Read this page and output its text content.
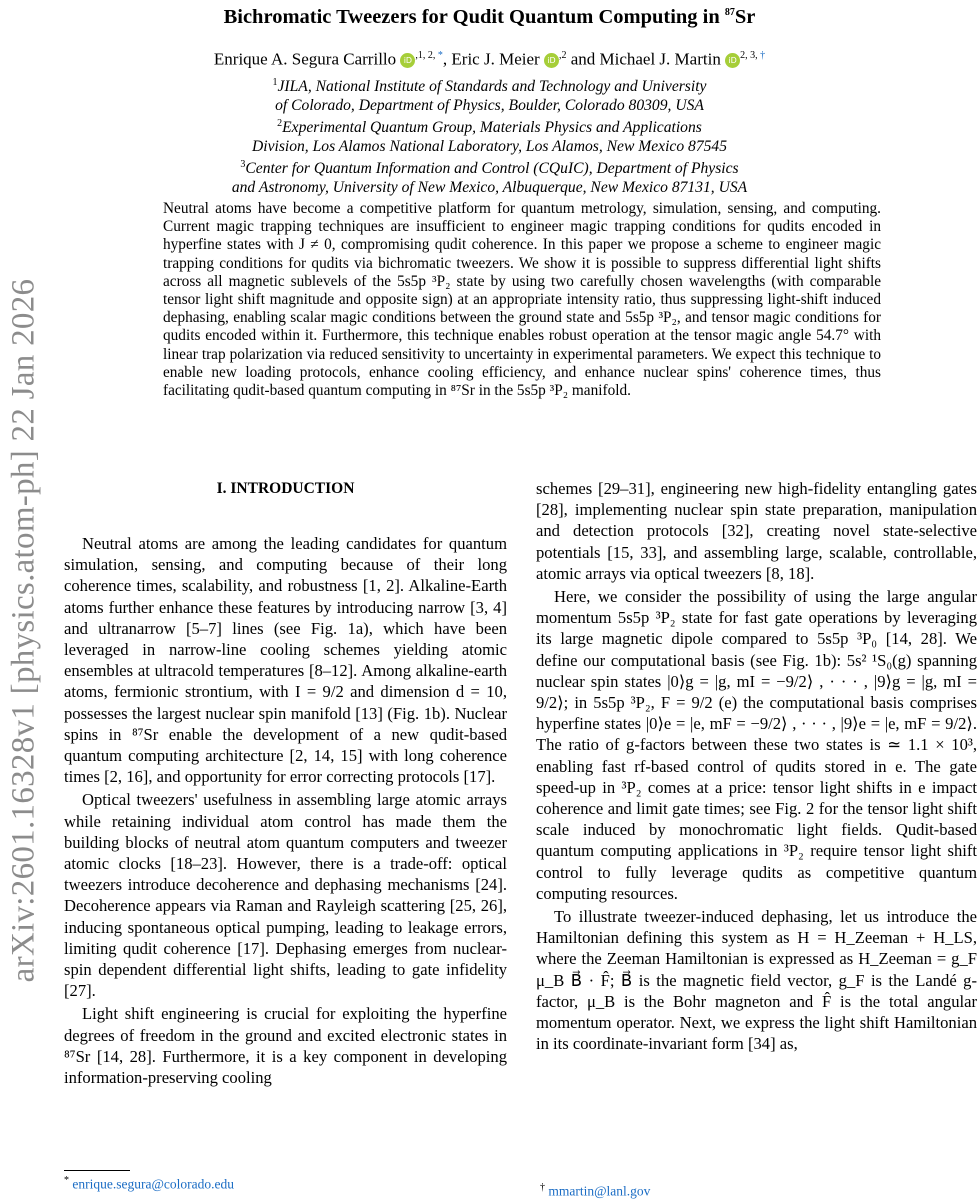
arXiv:2601.16328v1 [physics.atom-ph] 22 Jan 2026
Bichromatic Tweezers for Qudit Quantum Computing in $^{87}$Sr
Enrique A. Segura Carrillo iD $^{,1, 2, *}$, Eric J. Meier iD $^{,2}$ and Michael J. Martin iD $^{2, 3, \dagger}$
$^1$JILA, National Institute of Standards and Technology and University
of Colorado, Department of Physics, Boulder, Colorado 80309, USA
$^2$Experimental Quantum Group, Materials Physics and Applications
Division, Los Alamos National Laboratory, Los Alamos, New Mexico 87545
$^3$Center for Quantum Information and Control (CQuIC), Department of Physics
and Astronomy, University of New Mexico, Albuquerque, New Mexico 87131, USA
Neutral atoms have become a competitive platform for quantum metrology, simulation, sensing, and computing. Current magic trapping techniques are insufficient to engineer magic trapping conditions for qudits encoded in hyperfine states with J ≠ 0, compromising qudit coherence. In this paper we propose a scheme to engineer magic trapping conditions for qudits via bichromatic tweezers. We show it is possible to suppress differential light shifts across all magnetic sublevels of the 5s5p ³P₂ state by using two carefully chosen wavelengths (with comparable tensor light shift magnitude and opposite sign) at an appropriate intensity ratio, thus suppressing light-shift induced dephasing, enabling scalar magic conditions between the ground state and 5s5p ³P₂, and tensor magic conditions for qudits encoded within it. Furthermore, this technique enables robust operation at the tensor magic angle 54.7° with linear trap polarization via reduced sensitivity to uncertainty in experimental parameters. We expect this technique to enable new loading protocols, enhance cooling efficiency, and enhance nuclear spins' coherence times, thus facilitating qudit-based quantum computing in ⁸⁷Sr in the 5s5p ³P₂ manifold.
I. INTRODUCTION

Neutral atoms are among the leading candidates for quantum simulation, sensing, and computing because of their long coherence times, scalability, and robustness [1, 2]. Alkaline-Earth atoms further enhance these features by introducing narrow [3, 4] and ultranarrow [5–7] lines (see Fig. 1a), which have been leveraged in narrow-line cooling schemes yielding atomic ensembles at ultracold temperatures [8–12]. Among alkaline-earth atoms, fermionic strontium, with I = 9/2 and dimension d = 10, possesses the largest nuclear spin manifold [13] (Fig. 1b). Nuclear spins in ⁸⁷Sr enable the development of a new qudit-based quantum computing architecture [2, 14, 15] with long coherence times [2, 16], and opportunity for error correcting protocols [17].

Optical tweezers' usefulness in assembling large atomic arrays while retaining individual atom control has made them the building blocks of neutral atom quantum computers and tweezer atomic clocks [18–23]. However, there is a trade-off: optical tweezers introduce decoherence and dephasing mechanisms [24]. Decoherence appears via Raman and Rayleigh scattering [25, 26], inducing spontaneous optical pumping, leading to leakage errors, limiting qudit coherence [17]. Dephasing emerges from nuclear-spin dependent differential light shifts, leading to gate infidelity [27].

Light shift engineering is crucial for exploiting the hyperfine degrees of freedom in the ground and excited electronic states in ⁸⁷Sr [14, 28]. Furthermore, it is a key component in developing information-preserving cooling

schemes [29–31], engineering new high-fidelity entangling gates [28], implementing nuclear spin state preparation, manipulation and detection protocols [32], creating novel state-selective potentials [15, 33], and assembling large, scalable, controllable, atomic arrays via optical tweezers [8, 18].

Here, we consider the possibility of using the large angular momentum 5s5p ³P₂ state for fast gate operations by leveraging its large magnetic dipole compared to 5s5p ³P₀ [14, 28]. We define our computational basis (see Fig. 1b): 5s² ¹S₀(g) spanning nuclear spin states |0⟩g = |g, mI = −9/2⟩ , · · · , |9⟩g = |g, mI = 9/2⟩; in 5s5p ³P₂, F = 9/2 (e) the computational basis comprises hyperfine states |0⟩e = |e, mF = −9/2⟩ , · · · , |9⟩e = |e, mF = 9/2⟩. The ratio of g-factors between these two states is ≃ 1.1 × 10³, enabling fast rf-based control of qudits stored in e. The gate speed-up in ³P₂ comes at a price: tensor light shifts in e impact coherence and limit gate times; see Fig. 2 for the tensor light shift scale induced by monochromatic light fields. Qudit-based quantum computing applications in ³P₂ require tensor light shift control to fully leverage qudits as competitive quantum computing resources.

To illustrate tweezer-induced dephasing, let us introduce the Hamiltonian defining this system as H = H_Zeeman + H_LS, where the Zeeman Hamiltonian is expressed as H_Zeeman = g_F μ_B B⃗ · F̂; B⃗ is the magnetic field vector, g_F is the Landé g-factor, μ_B is the Bohr magneton and F̂ is the total angular momentum operator. Next, we express the light shift Hamiltonian in its coordinate-invariant form [34] as,

* enrique.segura@colorado.edu	† mmartin@lanl.gov
